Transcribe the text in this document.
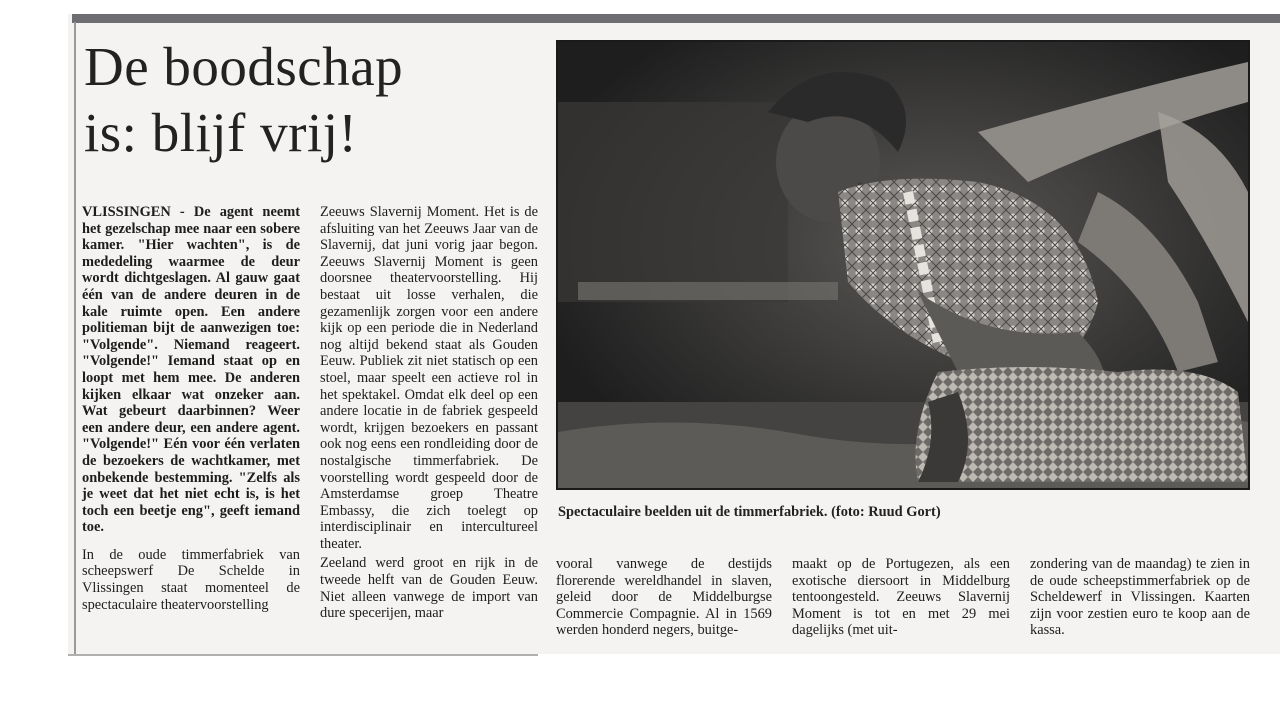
De boodschap
is: blijf vrij!

VLISSINGEN - De agent neemt het gezelschap mee naar een sobere kamer. "Hier wachten", is de mededeling waarmee de deur wordt dichtgeslagen. Al gauw gaat één van de andere deuren in de kale ruimte open. Een andere politieman bijt de aanwezigen toe: "Volgende". Niemand reageert. "Volgende!" Iemand staat op en loopt met hem mee. De anderen kijken elkaar wat onzeker aan. Wat gebeurt daarbinnen? Weer een andere deur, een andere agent. "Volgende!" Eén voor één verlaten de bezoekers de wachtkamer, met onbekende bestemming. "Zelfs als je weet dat het niet echt is, is het toch een beetje eng", geeft iemand toe.

In de oude timmerfabriek van scheepswerf De Schelde in Vlissingen staat momenteel de spectaculaire theatervoorstelling

Zeeuws Slavernij Moment. Het is de afsluiting van het Zeeuws Jaar van de Slavernij, dat juni vorig jaar begon. Zeeuws Slavernij Moment is geen doorsnee theatervoorstelling. Hij bestaat uit losse verhalen, die gezamenlijk zorgen voor een andere kijk op een periode die in Nederland nog altijd bekend staat als Gouden Eeuw. Publiek zit niet statisch op een stoel, maar speelt een actieve rol in het spektakel. Omdat elk deel op een andere locatie in de fabriek gespeeld wordt, krijgen bezoekers en passant ook nog eens een rondleiding door de nostalgische timmerfabriek. De voorstelling wordt gespeeld door de Amsterdamse groep Theatre Embassy, die zich toelegt op interdisciplinair en intercultureel theater.

Zeeland werd groot en rijk in de tweede helft van de Gouden Eeuw. Niet alleen vanwege de import van dure specerijen, maar

Spectaculaire beelden uit de timmerfabriek. (foto: Ruud Gort)

vooral vanwege de destijds florerende wereldhandel in slaven, geleid door de Middelburgse Commercie Compagnie. Al in 1569 werden honderd negers, buitge-
maakt op de Portugezen, als een exotische diersoort in Middelburg tentoongesteld. Zeeuws Slavernij Moment is tot en met 29 mei dagelijks (met uit-
zondering van de maandag) te zien in de oude scheepstimmerfabriek op de Scheldewerf in Vlissingen. Kaarten zijn voor zestien euro te koop aan de kassa.
